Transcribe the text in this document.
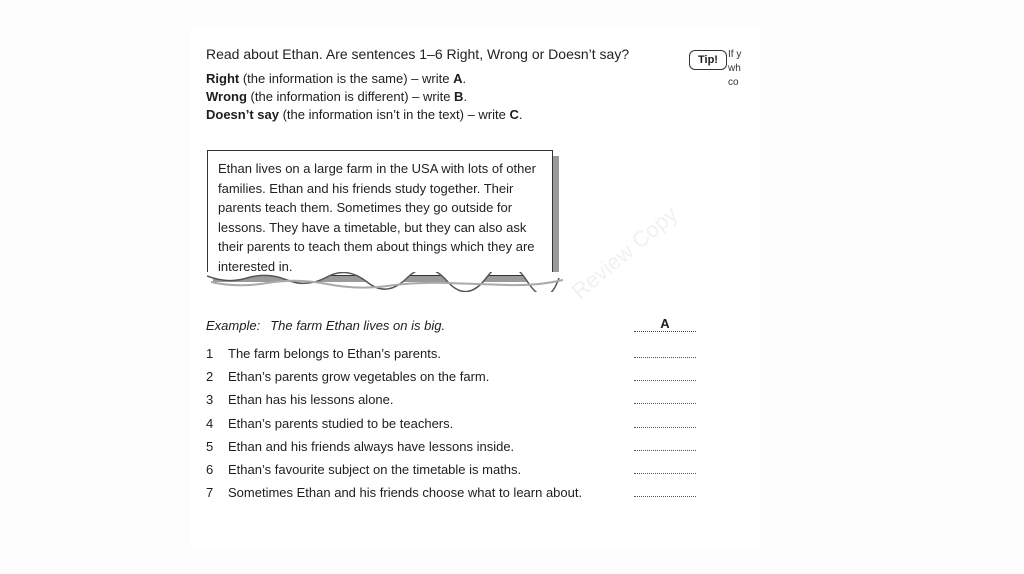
Review Copy
Read about Ethan. Are sentences 1–6 Right, Wrong or Doesn’t say?
Right (the information is the same) – write A.
Wrong (the information is different) – write B.
Doesn’t say (the information isn’t in the text) – write C.
Tip!	If y
wh
co

Ethan lives on a large farm in the USA with lots of other families. Ethan and his friends study together. Their parents teach them. Sometimes they go outside for lessons. They have a timetable, but they can also ask their parents to teach them about things which they are interested in.

Example: The farm Ethan lives on is big.	A
1	The farm belongs to Ethan’s parents.
2	Ethan’s parents grow vegetables on the farm.
3	Ethan has his lessons alone.
4	Ethan’s parents studied to be teachers.
5	Ethan and his friends always have lessons inside.
6	Ethan’s favourite subject on the timetable is maths.
7	Sometimes Ethan and his friends choose what to learn about.
